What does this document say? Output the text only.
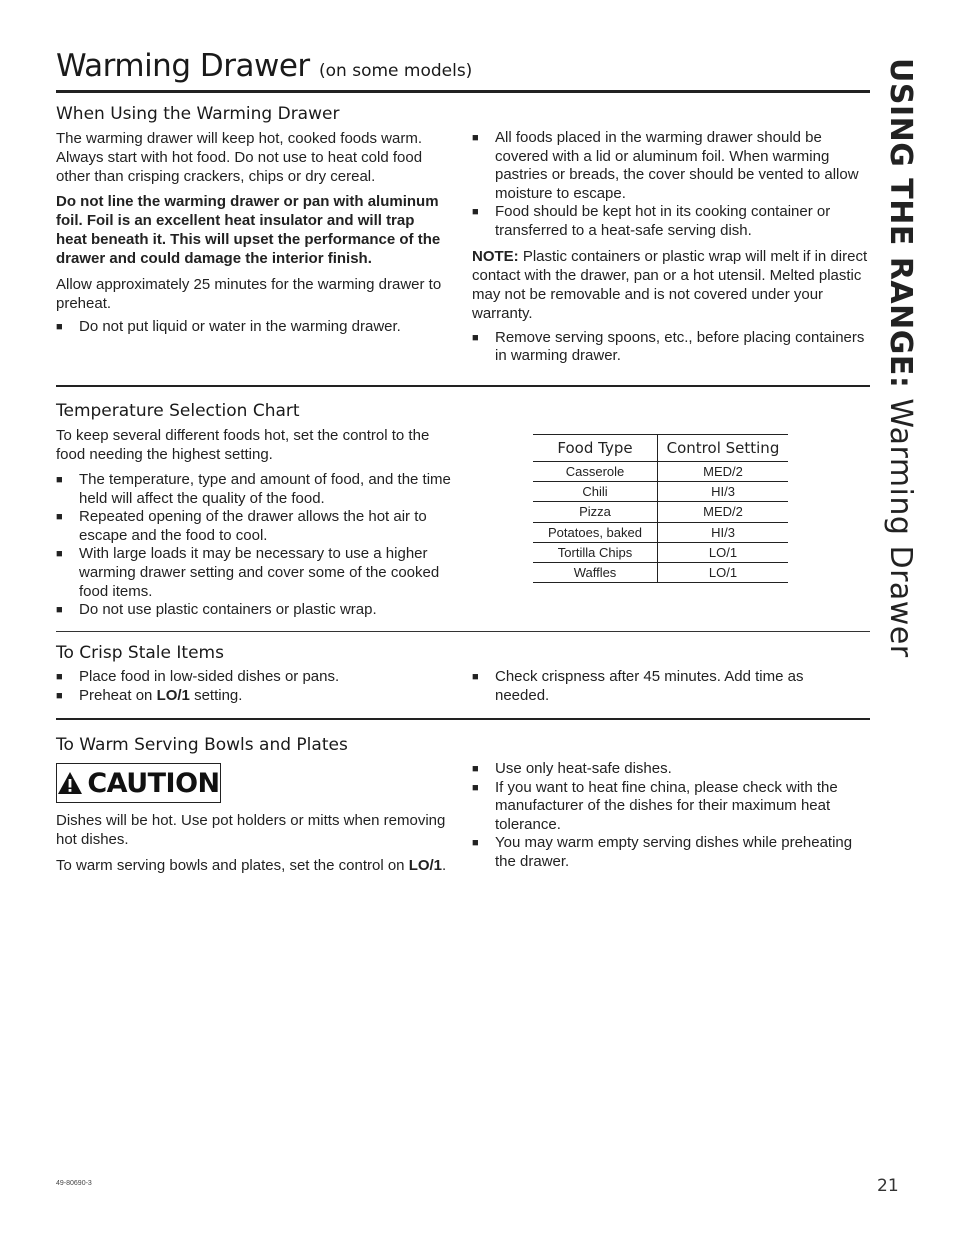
Warming Drawer (on some models)	USING THE RANGE: Warming Drawer
When Using the Warming Drawer
The warming drawer will keep hot, cooked foods warm. Always start with hot food. Do not use to heat cold food other than crisping crackers, chips or dry cereal.
Do not line the warming drawer or pan with aluminum foil. Foil is an excellent heat insulator and will trap heat beneath it. This will upset the performance of the drawer and could damage the interior finish.
Allow approximately 25 minutes for the warming drawer to preheat.
■ Do not put liquid or water in the warming drawer.
■ All foods placed in the warming drawer should be covered with a lid or aluminum foil. When warming pastries or breads, the cover should be vented to allow moisture to escape.
■ Food should be kept hot in its cooking container or transferred to a heat-safe serving dish.
NOTE: Plastic containers or plastic wrap will melt if in direct contact with the drawer, pan or a hot utensil. Melted plastic may not be removable and is not covered under your warranty.
■ Remove serving spoons, etc., before placing containers in warming drawer.
Temperature Selection Chart
To keep several different foods hot, set the control to the food needing the highest setting.
■ The temperature, type and amount of food, and the time held will affect the quality of the food.
■ Repeated opening of the drawer allows the hot air to escape and the food to cool.
■ With large loads it may be necessary to use a higher warming drawer setting and cover some of the cooked food items.
■ Do not use plastic containers or plastic wrap.
Food Type	Control Setting
Casserole	MED/2
Chili	HI/3
Pizza	MED/2
Potatoes, baked	HI/3
Tortilla Chips	LO/1
Waffles	LO/1
To Crisp Stale Items
■ Place food in low-sided dishes or pans.
■ Preheat on LO/1 setting.
■ Check crispness after 45 minutes. Add time as needed.
To Warm Serving Bowls and Plates
CAUTION
Dishes will be hot. Use pot holders or mitts when removing hot dishes.
To warm serving bowls and plates, set the control on LO/1.
■ Use only heat-safe dishes.
■ If you want to heat fine china, please check with the manufacturer of the dishes for their maximum heat tolerance.
■ You may warm empty serving dishes while preheating the drawer.
49-80690-3	21
